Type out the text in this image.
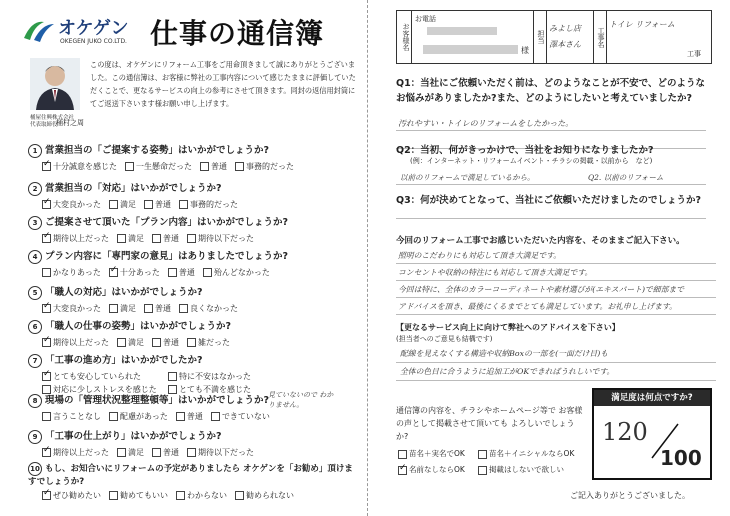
オケゲン
OKEGEN JUKO CO.LTD. 仕事の通信簿
桶屋住興株式会社
代表取締役
桶村之周
この度は、オケゲンにリフォーム工事をご用命頂きまして誠にありがとうございました。この通信簿は、お客様に弊社の工事内容について感じたままに評価していただくことで、更なるサービスの向上の参考にさせて頂きます。同封の返信用封筒にてご返送下さいます様お願い申し上げます。
1 営業担当の「ご提案する姿勢」はいかがでしょうか?
✓十分誠意を感じた	一生懸命だった	普通	事務的だった
2 営業担当の「対応」はいかがでしょうか?
✓大変良かった	満足	普通	事務的だった
3 ご提案させて頂いた「プラン内容」はいかがでしょうか?
✓期待以上だった	満足	普通	期待以下だった
4 プラン内容に「専門家の意見」はありましたでしょうか?
かなりあった
✓	十分あった	普通	殆んどなかった
5 「職人の対応」はいかがでしょうか?
✓大変良かった	満足	普通	良くなかった
6 「職人の仕事の姿勢」はいかがでしょうか?
✓期待以上だった	満足	普通	雑だった
7 「工事の進め方」はいかがでしたか?
✓とても安心していられた	特に不安はなかった
対応に少しストレスを感じた	とても不満を感じた
8 現場の「管理状況整理整頓等」はいかがでしょうか?
言うことなし	配慮があった	普通	できていない
9 「工事の仕上がり」はいかがでしょうか?
✓期待以上だった	満足	普通	期待以下だった
10 もし、お知合いにリフォームの予定がありましたら オケゲンを「お勧め」頂けますでしょうか?
✓ぜひ勧めたい	勧めてもいい	わからない	勧められない
見ていないので わかりません。
お客様名
お電話
様
担当
みよし店 澤本さん	工事名
トイレ リフォーム
工事
Q1：当社にご依頼いただく前は、どのようなことが不安で、どのような お悩みがありましたか?また、どのようにしたいと考えていましたか?
汚れやすい・トイレのリフォームをしたかった。
Q2：当初、何がきっかけで、当社をお知りになりましたか?
(例：インターネット・リフォームイベント・チラシの掲載・以前から　など)
以前のリフォームで満足しているから。	Q2. 以前のリフォーム
Q3：何が決めてとなって、当社にご依頼いただけましたのでしょうか?
今回のリフォーム工事でお感じいただいた内容を、そのままご記入下さい。
照明のこだわりにも対応して頂き大満足です。
コンセントや収納の特注にも対応して頂き大満足です。
今回は特に、全体のカラーコーディネートや素材選びが(エキスパート)で細部まで
アドバイスを頂き、最後にくるまでとても満足しています。お礼申し上げます。
【更なるサービス向上に向けて弊社へのアドバイスを下さい】
(担当者へのご意見も結構です)
配線を見えなくする構造や収納Boxの一部を(一面だけ目)も
全体の色目に合うように追加工がOKできればうれしいです。
通信簿の内容を、チラシやホームページ等で お客様の声として掲載させて頂いても よろしいでしょうか?
苗名＋実名でOK	苗名＋イニシャルならOK
✓名前なしならOK	掲載はしないで欲しい
満足度は何点ですか?
120
100
ご記入ありがとうございました。
